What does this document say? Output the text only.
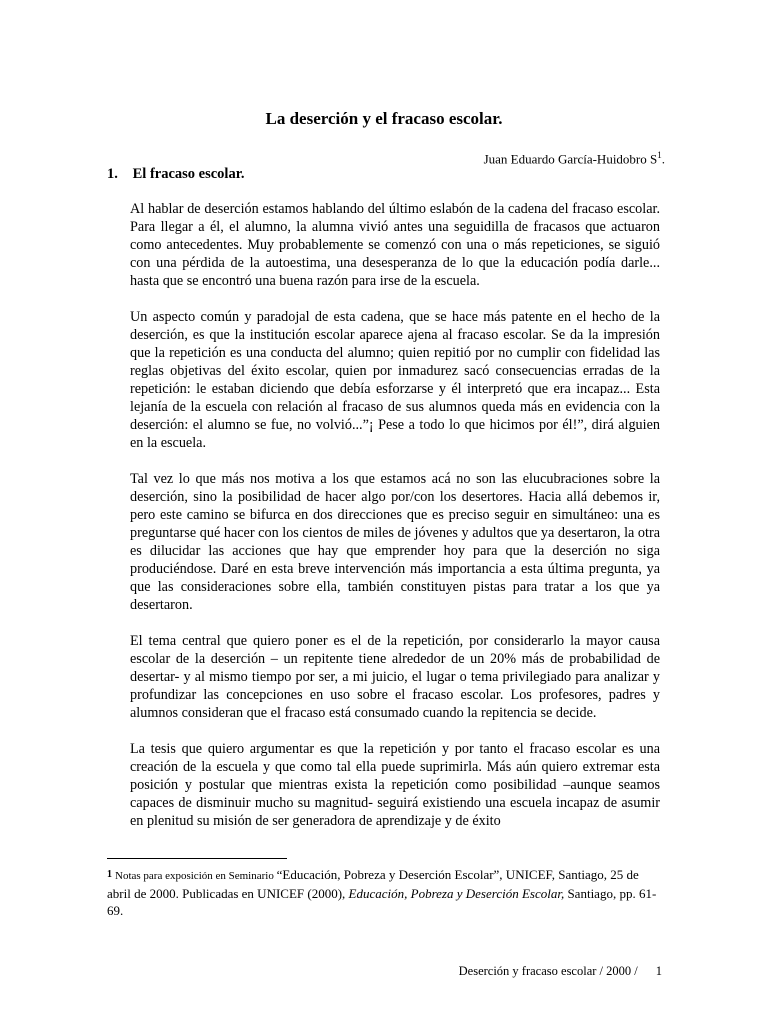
La deserción y el fracaso escolar.
Juan Eduardo García-Huidobro $S^1$.
1. El fracaso escolar.

Al hablar de deserción estamos hablando del último eslabón de la cadena del fracaso escolar. Para llegar a él, el alumno, la alumna vivió antes una seguidilla de fracasos que actuaron como antecedentes. Muy probablemente se comenzó con una o más repeticiones, se siguió con una pérdida de la autoestima, una desesperanza de lo que la educación podía darle... hasta que se encontró una buena razón para irse de la escuela.

Un aspecto común y paradojal de esta cadena, que se hace más patente en el hecho de la deserción, es que la institución escolar aparece ajena al fracaso escolar. Se da la impresión que la repetición es una conducta del alumno; quien repitió por no cumplir con fidelidad las reglas objetivas del éxito escolar, quien por inmadurez sacó consecuencias erradas de la repetición: le estaban diciendo que debía esforzarse y él interpretó que era incapaz... Esta lejanía de la escuela con relación al fracaso de sus alumnos queda más en evidencia con la deserción: el alumno se fue, no volvió...”¡ Pese a todo lo que hicimos por él!”, dirá alguien en la escuela.

Tal vez lo que más nos motiva a los que estamos acá no son las elucubraciones sobre la deserción, sino la posibilidad de hacer algo por/con los desertores. Hacia allá debemos ir, pero este camino se bifurca en dos direcciones que es preciso seguir en simultáneo: una es preguntarse qué hacer con los cientos de miles de jóvenes y adultos que ya desertaron, la otra es dilucidar las acciones que hay que emprender hoy para que la deserción no siga produciéndose. Daré en esta breve intervención más importancia a esta última pregunta, ya que las consideraciones sobre ella, también constituyen pistas para tratar a los que ya desertaron.

El tema central que quiero poner es el de la repetición, por considerarlo la mayor causa escolar de la deserción – un repitente tiene alrededor de un 20% más de probabilidad de desertar- y al mismo tiempo por ser, a mi juicio, el lugar o tema privilegiado para analizar y profundizar las concepciones en uso sobre el fracaso escolar. Los profesores, padres y alumnos consideran que el fracaso está consumado cuando la repitencia se decide.

La tesis que quiero argumentar es que la repetición y por tanto el fracaso escolar es una creación de la escuela y que como tal ella puede suprimirla. Más aún quiero extremar esta posición y postular que mientras exista la repetición como posibilidad –aunque seamos capaces de disminuir mucho su magnitud- seguirá existiendo una escuela incapaz de asumir en plenitud su misión de ser generadora de aprendizaje y de éxito

$^1$ Notas para exposición en Seminario “Educación, Pobreza y Deserción Escolar”, UNICEF, Santiago, 25 de abril de 2000. Publicadas en UNICEF (2000), Educación, Pobreza y Deserción Escolar, Santiago, pp. 61-69.
Deserción y fracaso escolar / 2000 / 1
